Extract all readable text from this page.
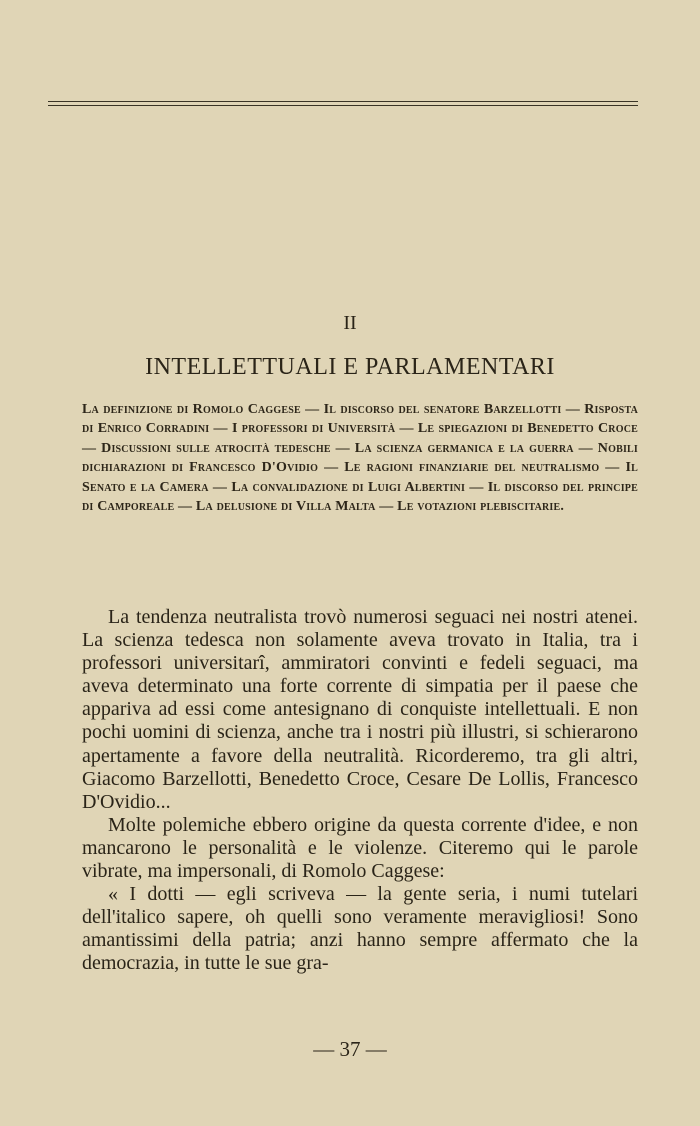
II
INTELLETTUALI E PARLAMENTARI
La definizione di Romolo Caggese — Il discorso del senatore Barzellotti — Risposta di Enrico Corradini — I professori di Università — Le spiegazioni di Benedetto Croce — Discussioni sulle atrocità tedesche — La scienza germanica e la guerra — Nobili dichiarazioni di Francesco D'Ovidio — Le ragioni finanziarie del neutralismo — Il Senato e la Camera — La convalidazione di Luigi Albertini — Il discorso del principe di Camporeale — La delusione di Villa Malta — Le votazioni plebiscitarie.

La tendenza neutralista trovò numerosi seguaci nei nostri atenei. La scienza tedesca non solamente aveva trovato in Italia, tra i professori universitarî, ammiratori convinti e fedeli seguaci, ma aveva determinato una forte corrente di simpatia per il paese che appariva ad essi come antesignano di conquiste intellettuali. E non pochi uomini di scienza, anche tra i nostri più illustri, si schierarono apertamente a favore della neutralità. Ricorderemo, tra gli altri, Giacomo Barzellotti, Benedetto Croce, Cesare De Lollis, Francesco D'Ovidio...

Molte polemiche ebbero origine da questa corrente d'idee, e non mancarono le personalità e le violenze. Citeremo qui le parole vibrate, ma impersonali, di Romolo Caggese:

« I dotti — egli scriveva — la gente seria, i numi tutelari dell'italico sapere, oh quelli sono veramente meravigliosi! Sono amantissimi della patria; anzi hanno sempre affermato che la democrazia, in tutte le sue gra-

— 37 —
